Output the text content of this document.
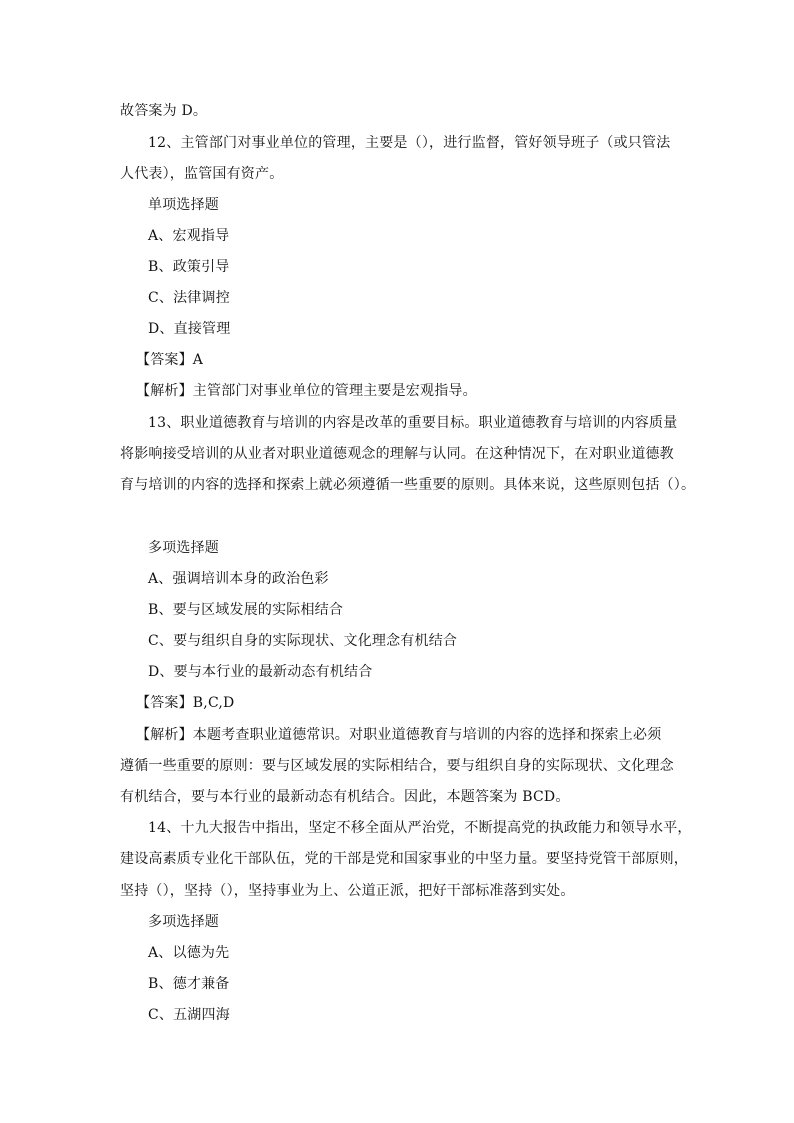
故答案为 D。
12、主管部门对事业单位的管理，主要是（），进行监督，管好领导班子（或只管法
人代表），监管国有资产。
单项选择题
A、宏观指导
B、政策引导
C、法律调控
D、直接管理
【答案】A
【解析】主管部门对事业单位的管理主要是宏观指导。
13、职业道德教育与培训的内容是改革的重要目标。职业道德教育与培训的内容质量
将影响接受培训的从业者对职业道德观念的理解与认同。在这种情况下，在对职业道德教
育与培训的内容的选择和探索上就必须遵循一些重要的原则。具体来说，这些原则包括（）。
多项选择题
A、强调培训本身的政治色彩
B、要与区域发展的实际相结合
C、要与组织自身的实际现状、文化理念有机结合
D、要与本行业的最新动态有机结合
【答案】B,C,D
【解析】本题考查职业道德常识。对职业道德教育与培训的内容的选择和探索上必须
遵循一些重要的原则：要与区域发展的实际相结合，要与组织自身的实际现状、文化理念
有机结合，要与本行业的最新动态有机结合。因此，本题答案为 BCD。
14、十九大报告中指出，坚定不移全面从严治党，不断提高党的执政能力和领导水平，
建设高素质专业化干部队伍，党的干部是党和国家事业的中坚力量。要坚持党管干部原则，
坚持（），坚持（），坚持事业为上、公道正派，把好干部标准落到实处。
多项选择题
A、以德为先
B、德才兼备
C、五湖四海
